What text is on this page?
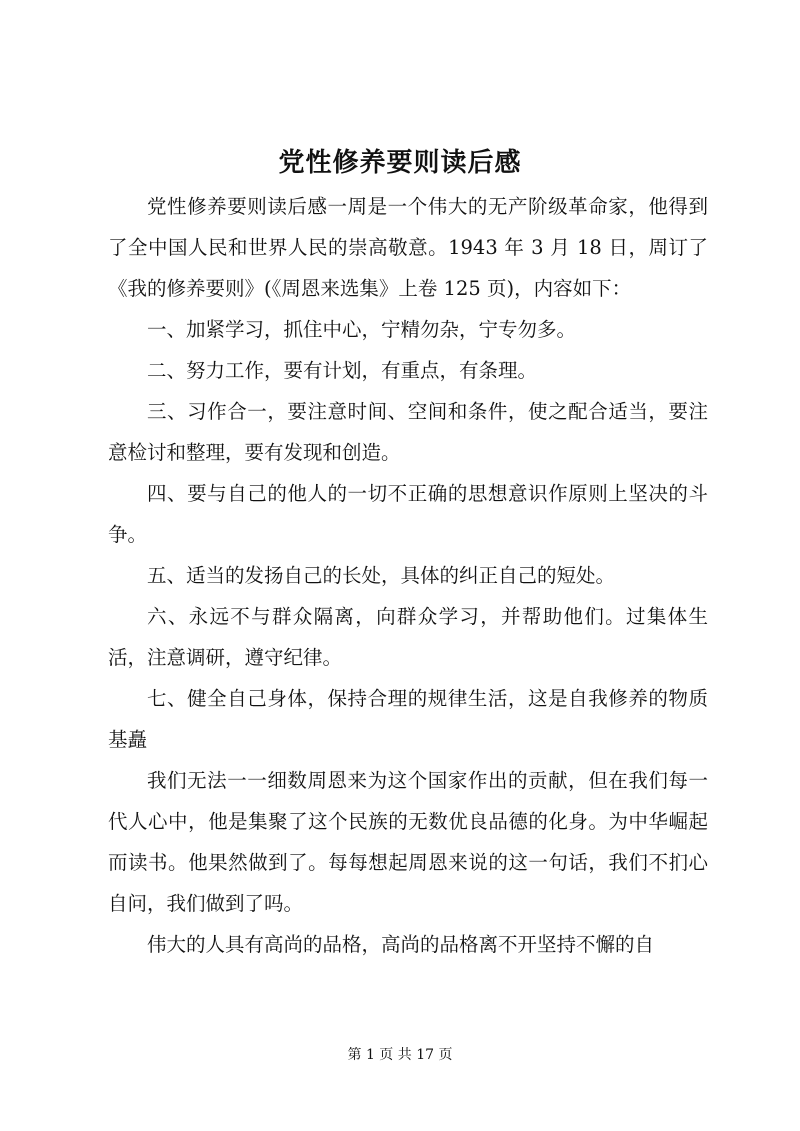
党性修养要则读后感

党性修养要则读后感一周是一个伟大的无产阶级革命家，他得到了全中国人民和世界人民的崇高敬意。1943 年 3 月 18 日，周订了《我的修养要则》(《周恩来选集》上卷 125 页)，内容如下：

一、加紧学习，抓住中心，宁精勿杂，宁专勿多。

二、努力工作，要有计划，有重点，有条理。

三、习作合一，要注意时间、空间和条件，使之配合适当，要注意检讨和整理，要有发现和创造。

四、要与自己的他人的一切不正确的思想意识作原则上坚决的斗争。

五、适当的发扬自己的长处，具体的纠正自己的短处。

六、永远不与群众隔离，向群众学习，并帮助他们。过集体生活，注意调研，遵守纪律。

七、健全自己身体，保持合理的规律生活，这是自我修养的物质基矗

我们无法一一细数周恩来为这个国家作出的贡献，但在我们每一代人心中，他是集聚了这个民族的无数优良品德的化身。为中华崛起而读书。他果然做到了。每每想起周恩来说的这一句话，我们不扪心自问，我们做到了吗。

伟大的人具有高尚的品格，高尚的品格离不开坚持不懈的自

第 1 页 共 17 页
